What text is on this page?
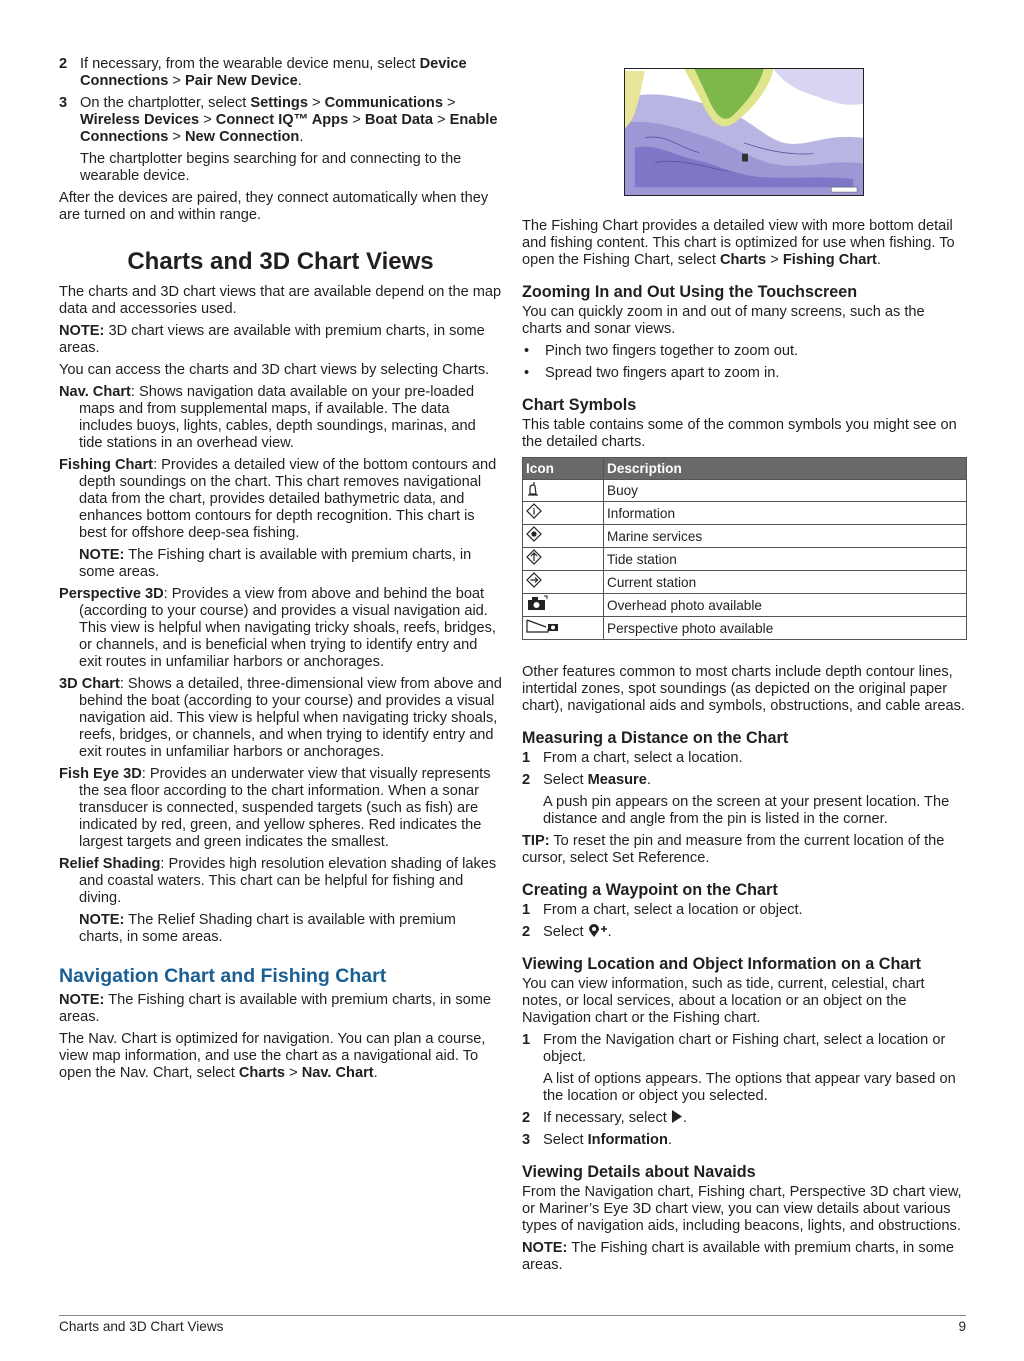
2 If necessary, from the wearable device menu, select Device Connections > Pair New Device.
3 On the chartplotter, select Settings > Communications > Wireless Devices > Connect IQ™ Apps > Boat Data > Enable Connections > New Connection.

The chartplotter begins searching for and connecting to the wearable device.

After the devices are paired, they connect automatically when they are turned on and within range.

Charts and 3D Chart Views

The charts and 3D chart views that are available depend on the map data and accessories used.

NOTE: 3D chart views are available with premium charts, in some areas.

You can access the charts and 3D chart views by selecting Charts.

Nav. Chart: Shows navigation data available on your pre-loaded maps and from supplemental maps, if available. The data includes buoys, lights, cables, depth soundings, marinas, and tide stations in an overhead view.

Fishing Chart: Provides a detailed view of the bottom contours and depth soundings on the chart. This chart removes navigational data from the chart, provides detailed bathymetric data, and enhances bottom contours for depth recognition. This chart is best for offshore deep-sea fishing.

NOTE: The Fishing chart is available with premium charts, in some areas.

Perspective 3D: Provides a view from above and behind the boat (according to your course) and provides a visual navigation aid. This view is helpful when navigating tricky shoals, reefs, bridges, or channels, and is beneficial when trying to identify entry and exit routes in unfamiliar harbors or anchorages.

3D Chart: Shows a detailed, three-dimensional view from above and behind the boat (according to your course) and provides a visual navigation aid. This view is helpful when navigating tricky shoals, reefs, bridges, or channels, and when trying to identify entry and exit routes in unfamiliar harbors or anchorages.

Fish Eye 3D: Provides an underwater view that visually represents the sea floor according to the chart information. When a sonar transducer is connected, suspended targets (such as fish) are indicated by red, green, and yellow spheres. Red indicates the largest targets and green indicates the smallest.

Relief Shading: Provides high resolution elevation shading of lakes and coastal waters. This chart can be helpful for fishing and diving.

NOTE: The Relief Shading chart is available with premium charts, in some areas.

Navigation Chart and Fishing Chart

NOTE: The Fishing chart is available with premium charts, in some areas.

The Nav. Chart is optimized for navigation. You can plan a course, view map information, and use the chart as a navigational aid. To open the Nav. Chart, select Charts > Nav. Chart.

The Fishing Chart provides a detailed view with more bottom detail and fishing content. This chart is optimized for use when fishing. To open the Fishing Chart, select Charts > Fishing Chart.

Zooming In and Out Using the Touchscreen

You can quickly zoom in and out of many screens, such as the charts and sonar views.

•	Pinch two fingers together to zoom out.
•	Spread two fingers apart to zoom in.
Chart Symbols

This table contains some of the common symbols you might see on the detailed charts.

Icon	Description
	Buoy

i	Information
	Marine services
	Tide station
	Current station
	Overhead photo available
	Perspective photo available

Other features common to most charts include depth contour lines, intertidal zones, spot soundings (as depicted on the original paper chart), navigational aids and symbols, obstructions, and cable areas.

Measuring a Distance on the Chart
1 From a chart, select a location.
2 Select Measure.

A push pin appears on the screen at your present location. The distance and angle from the pin is listed in the corner.

TIP: To reset the pin and measure from the current location of the cursor, select Set Reference.

Creating a Waypoint on the Chart
1 From a chart, select a location or object.
2 Select .
Viewing Location and Object Information on a Chart

You can view information, such as tide, current, celestial, chart notes, or local services, about a location or an object on the Navigation chart or the Fishing chart.

1 From the Navigation chart or Fishing chart, select a location or object.

A list of options appears. The options that appear vary based on the location or object you selected.

2 If necessary, select .
3 Select Information.
Viewing Details about Navaids

From the Navigation chart, Fishing chart, Perspective 3D chart view, or Mariner’s Eye 3D chart view, you can view details about various types of navigation aids, including beacons, lights, and obstructions.

NOTE: The Fishing chart is available with premium charts, in some areas.

Charts and 3D Chart Views	9
